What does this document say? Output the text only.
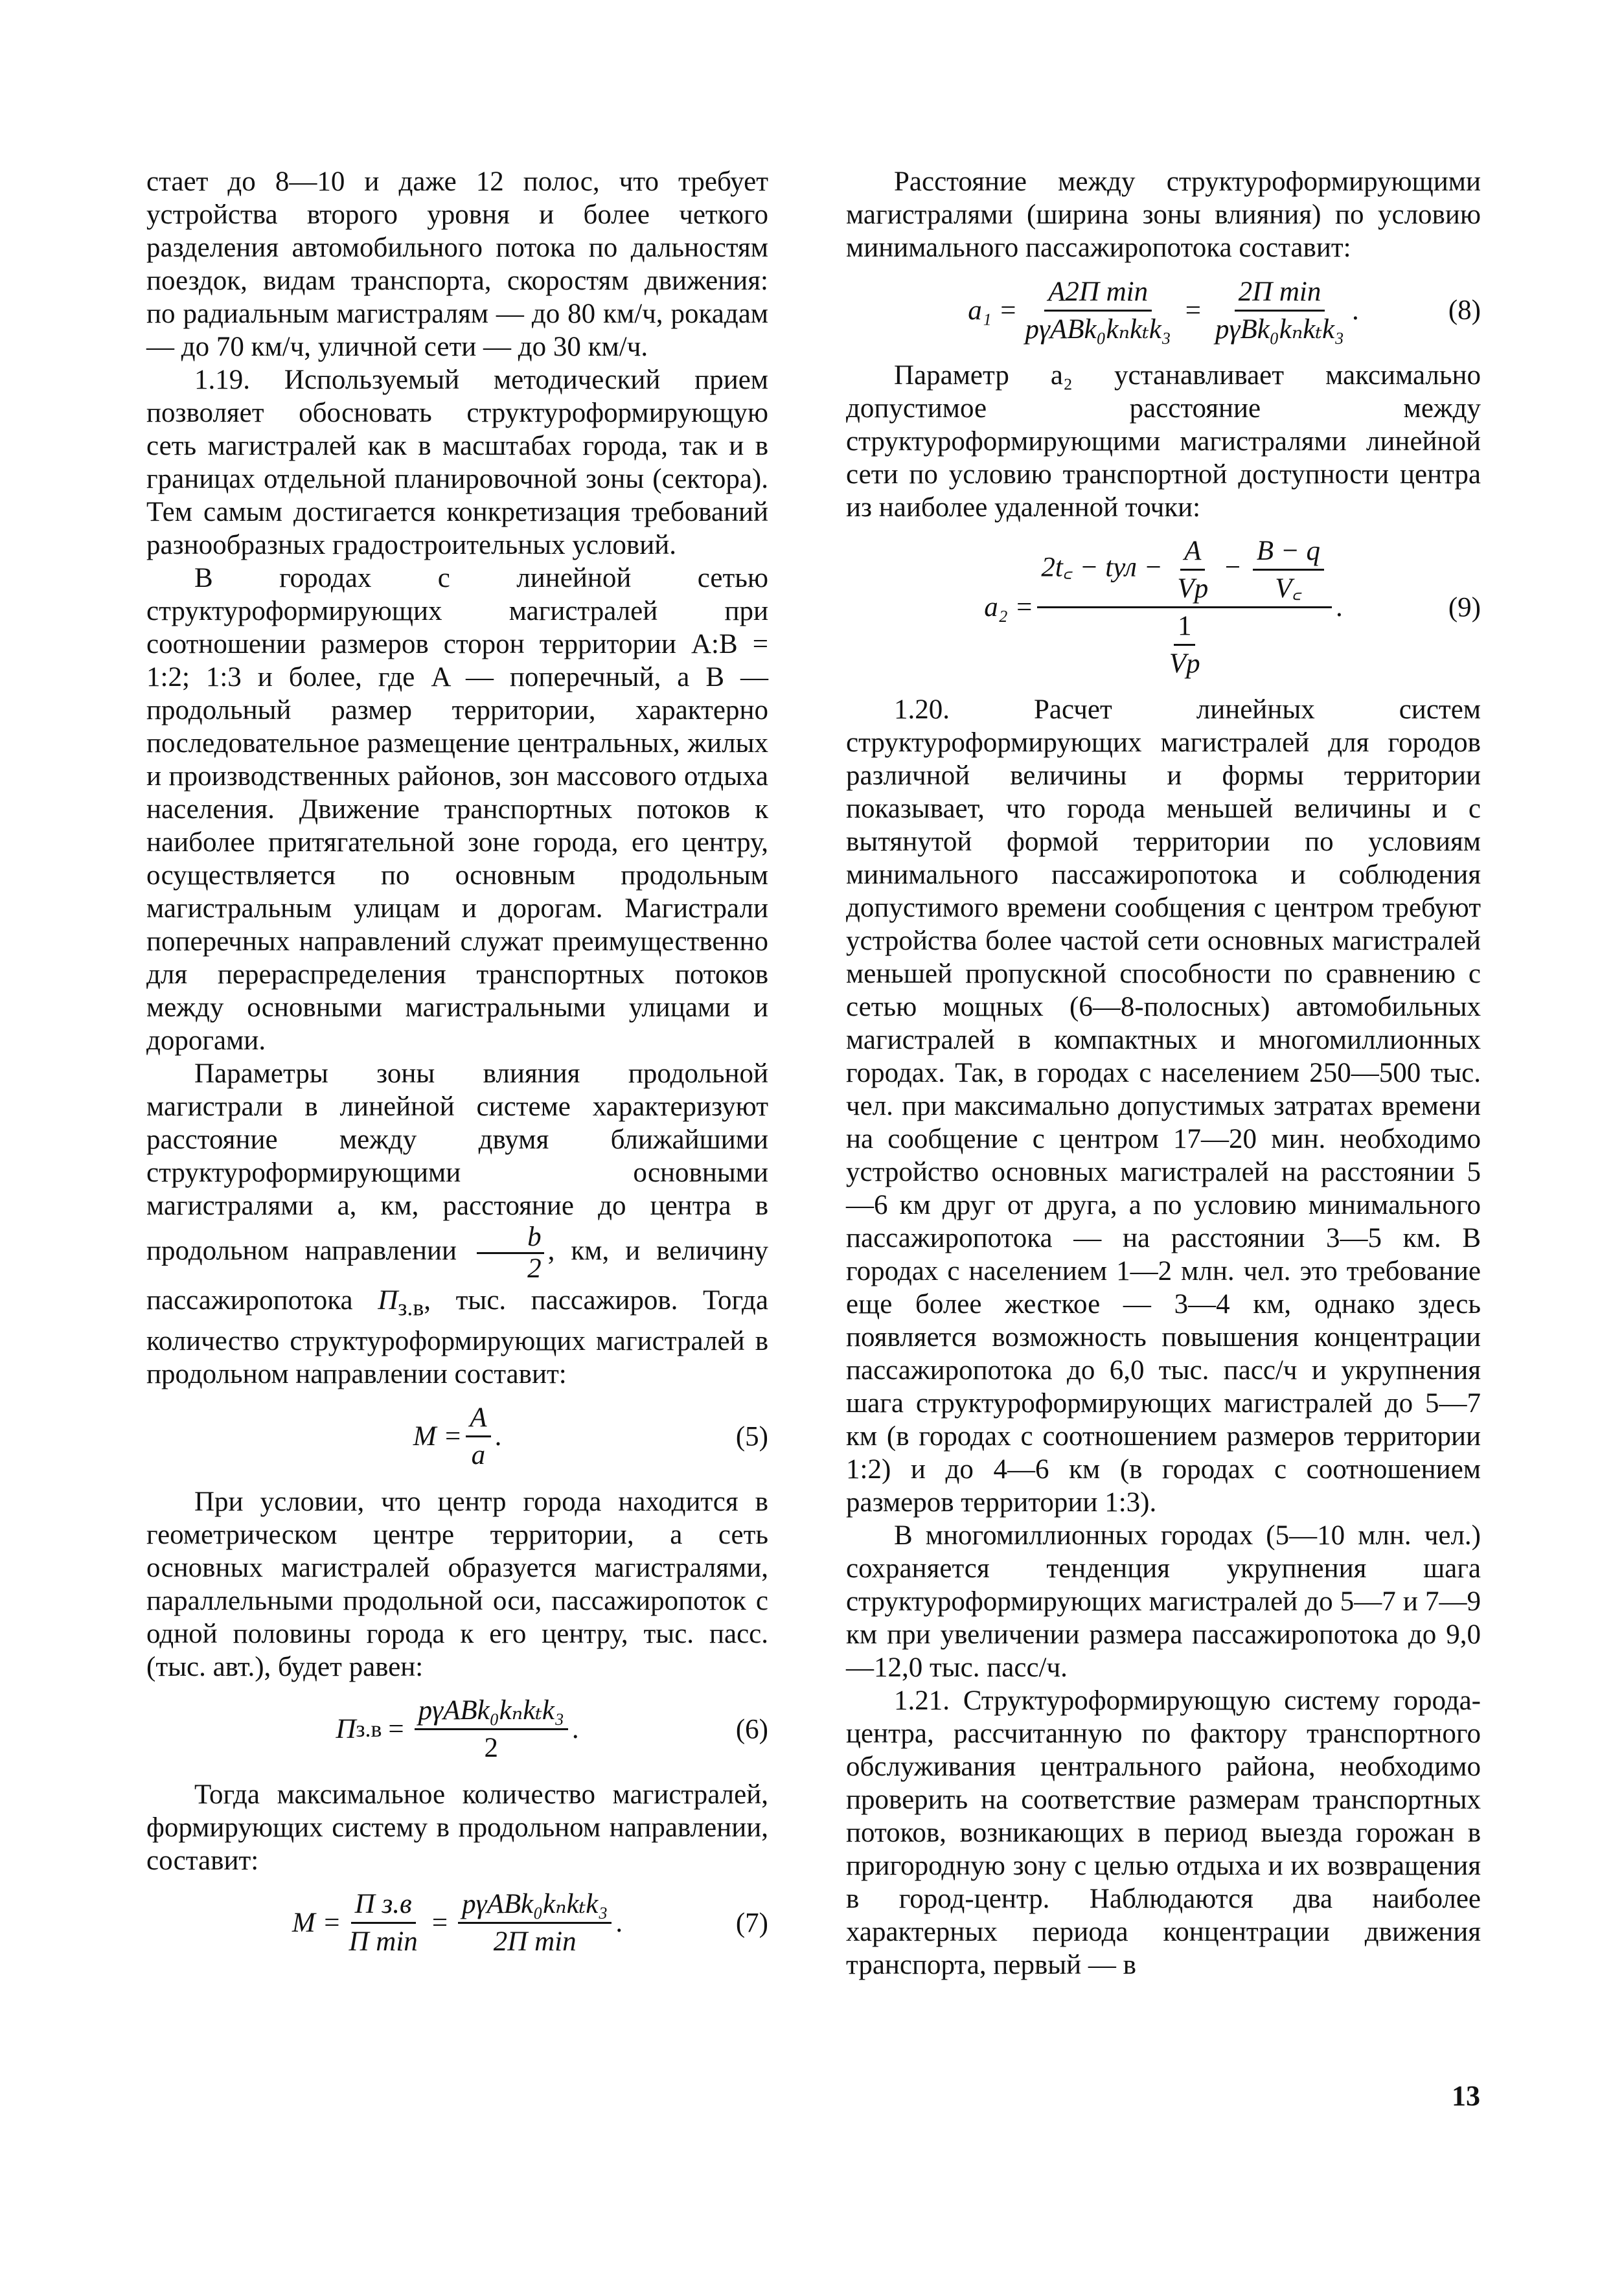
стает до 8—10 и даже 12 полос, что требует устройства второго уровня и более четкого разделения автомобильного потока по дальностям поездок, видам транспорта, скоростям движения: по радиальным магистралям — до 80 км/ч, рокадам — до 70 км/ч, уличной сети — до 30 км/ч.

1.19. Используемый методический прием позволяет обосновать структуроформирующую сеть магистралей как в масштабах города, так и в границах отдельной планировочной зоны (сектора). Тем самым достигается конкретизация требований разнообразных градостроительных условий.

В городах с линейной сетью структуроформирующих магистралей при соотношении размеров сторон территории A:B = 1:2; 1:3 и более, где A — поперечный, а B — продольный размер территории, характерно последовательное размещение центральных, жилых и производственных районов, зон массового отдыха населения. Движение транспортных потоков к наиболее притягательной зоне города, его центру, осуществляется по основным продольным магистральным улицам и дорогам. Магистрали поперечных направлений служат преимущественно для перераспределения транспортных потоков между основными магистральными улицами и дорогами.

Параметры зоны влияния продольной магистрали в линейной системе характеризуют расстояние между двумя ближайшими структуроформирующими основными магистралями a, км, расстояние до центра в продольном направлении $\frac{b}{2}$ , км, и величину пассажиропотока $П_{з.в}$, тыс. пассажиров. Тогда количество структуроформирующих магистралей в продольном направлении составит:

$M = \frac{A}{a}$ .	(5)

При условии, что центр города находится в геометрическом центре территории, а сеть основных магистралей образуется магистралями, параллельными продольной оси, пассажиропоток с одной половины города к его центру, тыс. пасс. (тыс. авт.), будет равен:

П $з.в = \frac{\text{pγABk₀kₙkₜk₃}}{2}$ .	(6)

Тогда максимальное количество магистралей, формирующих систему в продольном направлении, составит:

$M = \frac{\text{П з.в}}{\text{П min}} = \frac{\text{pγABk₀kₙkₜk₃}}{\text{2П min}}$ .	(7)

Расстояние между структуроформирующими магистралями (ширина зоны влияния) по условию минимального пассажиропотока составит:

$a_1 = \frac{\text{A2П min}}{\text{pγABk₀kₙkₜk₃}} = \frac{\text{2П min}}{\text{pγBk₀kₙkₜk₃}}$ .	(8)

Параметр a₂ устанавливает максимально допустимое расстояние между структуроформирующими магистралями линейной сети по условию транспортной доступности центра из наиболее удаленной точки:

a₂ =
2t꜀ − tул − $\frac{A}{Vр} - \frac{B - q}{V꜀}$
$\frac{1}{Vр}$
.	(9)

1.20. Расчет линейных систем структуроформирующих магистралей для городов различной величины и формы территории показывает, что города меньшей величины и с вытянутой формой территории по условиям минимального пассажиропотока и соблюдения допустимого времени сообщения с центром требуют устройства более частой сети основных магистралей меньшей пропускной способности по сравнению с сетью мощных (6—8-полосных) автомобильных магистралей в компактных и многомиллионных городах. Так, в городах с населением 250—500 тыс. чел. при максимально допустимых затратах времени на сообщение с центром 17—20 мин. необходимо устройство основных магистралей на расстоянии 5—6 км друг от друга, а по условию минимального пассажиропотока — на расстоянии 3—5 км. В городах с населением 1—2 млн. чел. это требование еще более жесткое — 3—4 км, однако здесь появляется возможность повышения концентрации пассажиропотока до 6,0 тыс. пасс/ч и укрупнения шага структуроформирующих магистралей до 5—7 км (в городах с соотношением размеров территории 1:2) и до 4—6 км (в городах с соотношением размеров территории 1:3).

В многомиллионных городах (5—10 млн. чел.) сохраняется тенденция укрупнения шага структуроформирующих магистралей до 5—7 и 7—9 км при увеличении размера пассажиропотока до 9,0—12,0 тыс. пасс/ч.

1.21. Структуроформирующую систему города-центра, рассчитанную по фактору транспортного обслуживания центрального района, необходимо проверить на соответствие размерам транспортных потоков, возникающих в период выезда горожан в пригородную зону с целью отдыха и их возвращения в город-центр. Наблюдаются два наиболее характерных периода концентрации движения транспорта, первый — в

13
